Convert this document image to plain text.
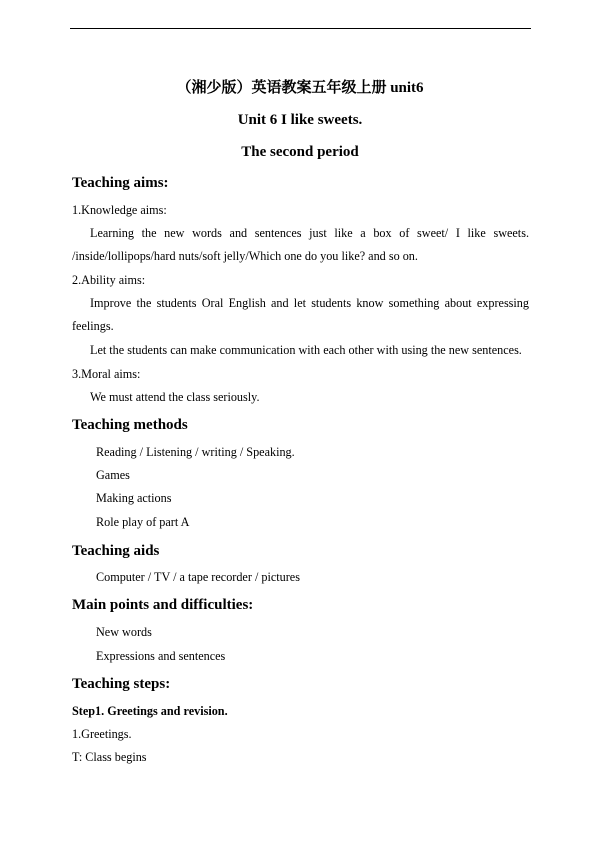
（湘少版）英语教案五年级上册 unit6
Unit 6 I like sweets.
The second period
Teaching aims:
1.Knowledge aims:
Learning the new words and sentences just like a box of sweet/ I like sweets.
/inside/lollipops/hard nuts/soft jelly/Which one do you like? and so on.
2.Ability aims:
Improve the students Oral English and let students know something about expressing
feelings.
Let the students can make communication with each other with using the new sentences.
3.Moral aims:
We must attend the class seriously.
Teaching methods
Reading / Listening / writing / Speaking.
Games
Making actions
Role play of part A
Teaching aids
Computer / TV / a tape recorder / pictures
Main points and difficulties:
New words
Expressions and sentences
Teaching steps:
Step1. Greetings and revision.
1.Greetings.
T: Class begins
